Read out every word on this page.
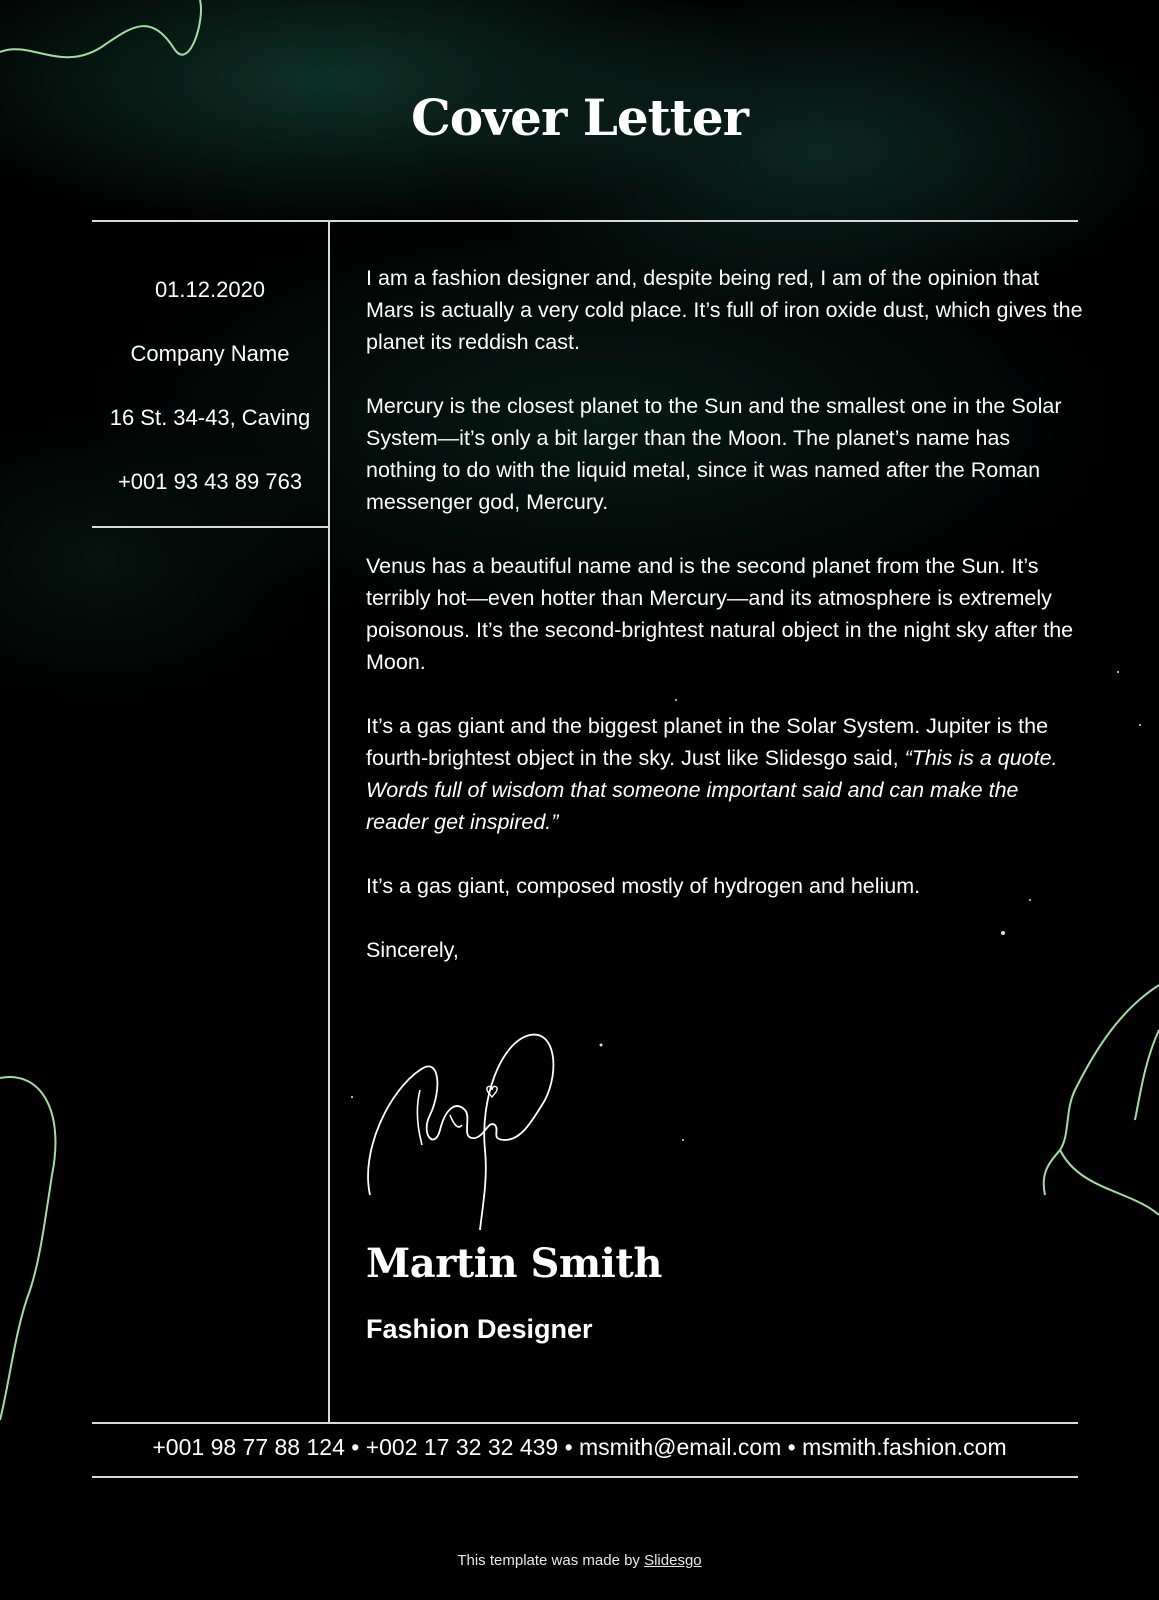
Cover Letter
01.12.2020
Company Name
16 St. 34-43, Caving
+001 93 43 89 763

I am a fashion designer and, despite being red, I am of the opinion that Mars is actually a very cold place. It’s full of iron oxide dust, which gives the planet its reddish cast.

Mercury is the closest planet to the Sun and the smallest one in the Solar System—it’s only a bit larger than the Moon. The planet’s name has nothing to do with the liquid metal, since it was named after the Roman messenger god, Mercury.

Venus has a beautiful name and is the second planet from the Sun. It’s terribly hot—even hotter than Mercury—and its atmosphere is extremely poisonous. It’s the second-brightest natural object in the night sky after the Moon.

It’s a gas giant and the biggest planet in the Solar System. Jupiter is the fourth-brightest object in the sky. Just like Slidesgo said, “This is a quote. Words full of wisdom that someone important said and can make the reader get inspired.”

It’s a gas giant, composed mostly of hydrogen and helium.

Sincerely,

Martin Smith
Fashion Designer
+001 98 77 88 124 • +002 17 32 32 439 • msmith@email.com • msmith.fashion.com
This template was made by Slidesgo
